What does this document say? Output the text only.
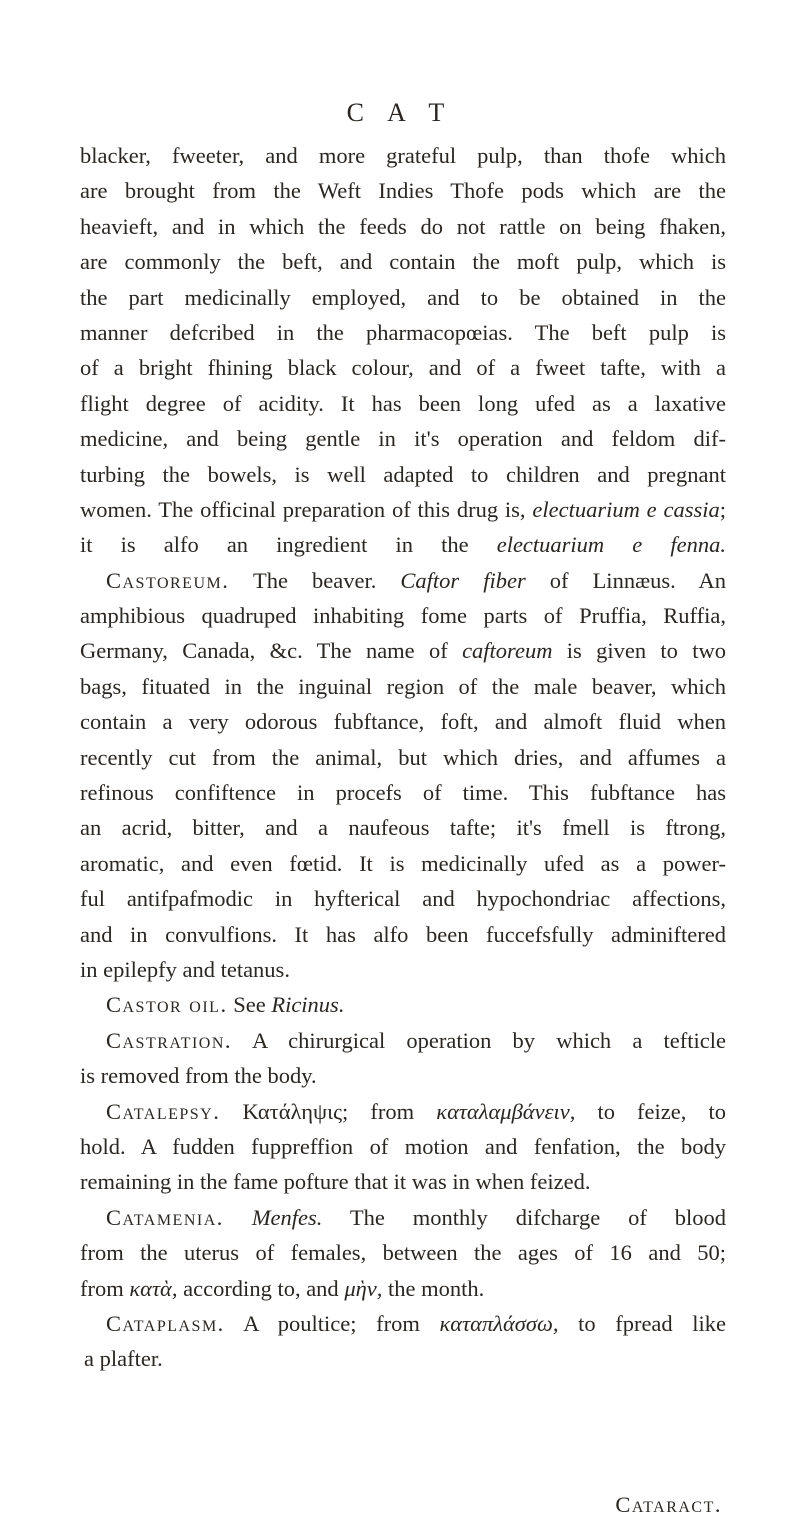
C A T
blacker, fweeter, and more grateful pulp, than thofe which
are brought from the Weft Indies Thofe pods which are the
heavieft, and in which the feeds do not rattle on being fhaken,
are commonly the beft, and contain the moft pulp, which is
the part medicinally employed, and to be obtained in the
manner defcribed in the pharmacopœias. The beft pulp is
of a bright fhining black colour, and of a fweet tafte, with a
flight degree of acidity. It has been long ufed as a laxative
medicine, and being gentle in it's operation and feldom dif-
turbing the bowels, is well adapted to children and pregnant
women. The officinal preparation of this drug is, electuarium e cassia;
it is alfo an ingredient in the electuarium e fenna.
Castoreum. The beaver. Caftor fiber of Linnæus. An
amphibious quadruped inhabiting fome parts of Pruffia, Ruffia,
Germany, Canada, &c. The name of caftoreum is given to two
bags, fituated in the inguinal region of the male beaver, which
contain a very odorous fubftance, foft, and almoft fluid when
recently cut from the animal, but which dries, and affumes a
refinous confiftence in procefs of time. This fubftance has
an acrid, bitter, and a naufeous tafte; it's fmell is ftrong,
aromatic, and even fœtid. It is medicinally ufed as a power-
ful antifpafmodic in hyfterical and hypochondriac affections,
and in convulfions. It has alfo been fuccefsfully adminiftered
in epilepfy and tetanus.
Castor oil. See Ricinus.
Castration. A chirurgical operation by which a tefticle
is removed from the body.
Catalepsy. Κατάληψις; from καταλαμβάνειν, to feize, to
hold. A fudden fuppreffion of motion and fenfation, the body
remaining in the fame pofture that it was in when feized.
Catamenia. Menfes. The monthly difcharge of blood
from the uterus of females, between the ages of 16 and 50;
from κατὰ, according to, and μὴν, the month.
Cataplasm. A poultice; from καταπλάσσω, to fpread like
a plafter.
Cataract.
